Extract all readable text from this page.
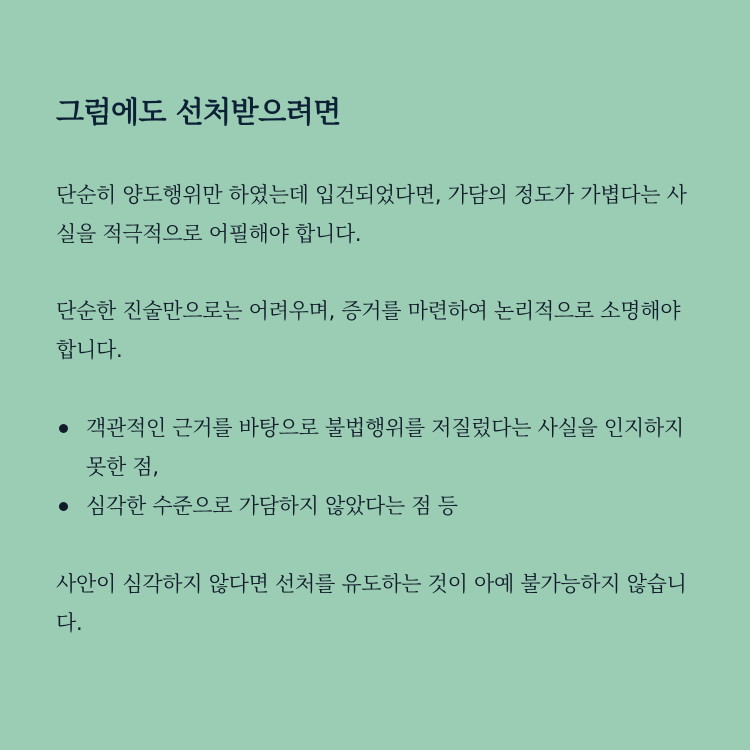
그럼에도 선처받으려면

단순히 양도행위만 하였는데 입건되었다면, 가담의 정도가 가볍다는 사실을 적극적으로 어필해야 합니다.

단순한 진술만으로는 어려우며, 증거를 마련하여 논리적으로 소명해야 합니다.

객관적인 근거를 바탕으로 불법행위를 저질렀다는 사실을 인지하지 못한 점,
심각한 수준으로 가담하지 않았다는 점 등

사안이 심각하지 않다면 선처를 유도하는 것이 아예 불가능하지 않습니다.
